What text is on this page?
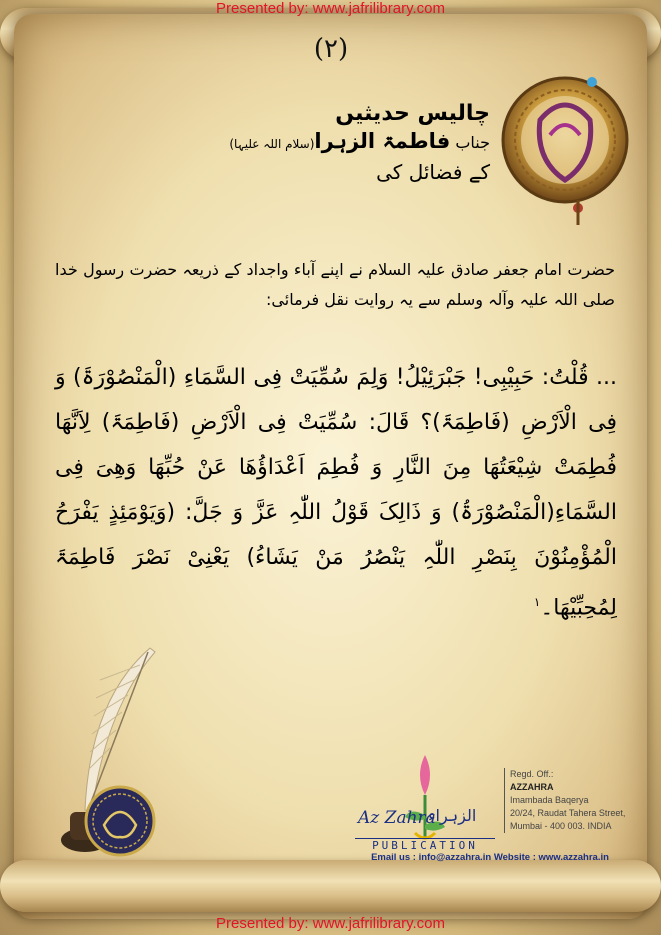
Presented by: www.jafrilibrary.com
(۲)
چالیس حدیثیں
جناب فاطمۃ الزہرا(سلام اللہ علیہا)
کے فضائل کی
حضرت امام جعفر صادق علیہ السلام نے اپنے آباء واجداد کے ذریعہ حضرت رسول خدا صلی اللہ علیہ وآلہ وسلم سے یہ روایت نقل فرمائی:
... قُلْتُ: حَبِیْبِی! جَبْرَئِیْلُ! وَلِمَ سُمِّیَتْ فِی السَّمَاءِ (الْمَنْصُوْرَۃَ) وَ فِی الْاَرْضِ (فَاطِمَۃَ)؟ قَالَ: سُمِّیَتْ فِی الْاَرْضِ (فَاطِمَۃَ) لِاَنَّھَا فُطِمَتْ شِیْعَتُھَا مِنَ النَّارِ وَ فُطِمَ اَعْدَاؤُھَا عَنْ حُبِّھَا وَھِیَ فِی السَّمَاءِ(الْمَنْصُوْرَۃُ) وَ ذَالِکَ قَوْلُ اللّٰہِ عَزَّ وَ جَلَّ: (وَیَوْمَئِذٍ یَفْرَحُ الْمُؤْمِنُوْنَ بِنَصْرِ اللّٰہِ یَنْصُرُ مَنْ یَشَاءُ) یَعْنِیْ نَصْرَ فَاطِمَۃَ لِمُحِبِّیْھَا۔$^۱$
Az Zahra
الزہراء
PUBLICATION
Regd. Off.:
AZZAHRA
Imambada Baqerya
20/24, Raudat Tahera Street,
Mumbai - 400 003. INDIA
Email us : info@azzahra.in Website : www.azzahra.in
Presented by: www.jafrilibrary.com
